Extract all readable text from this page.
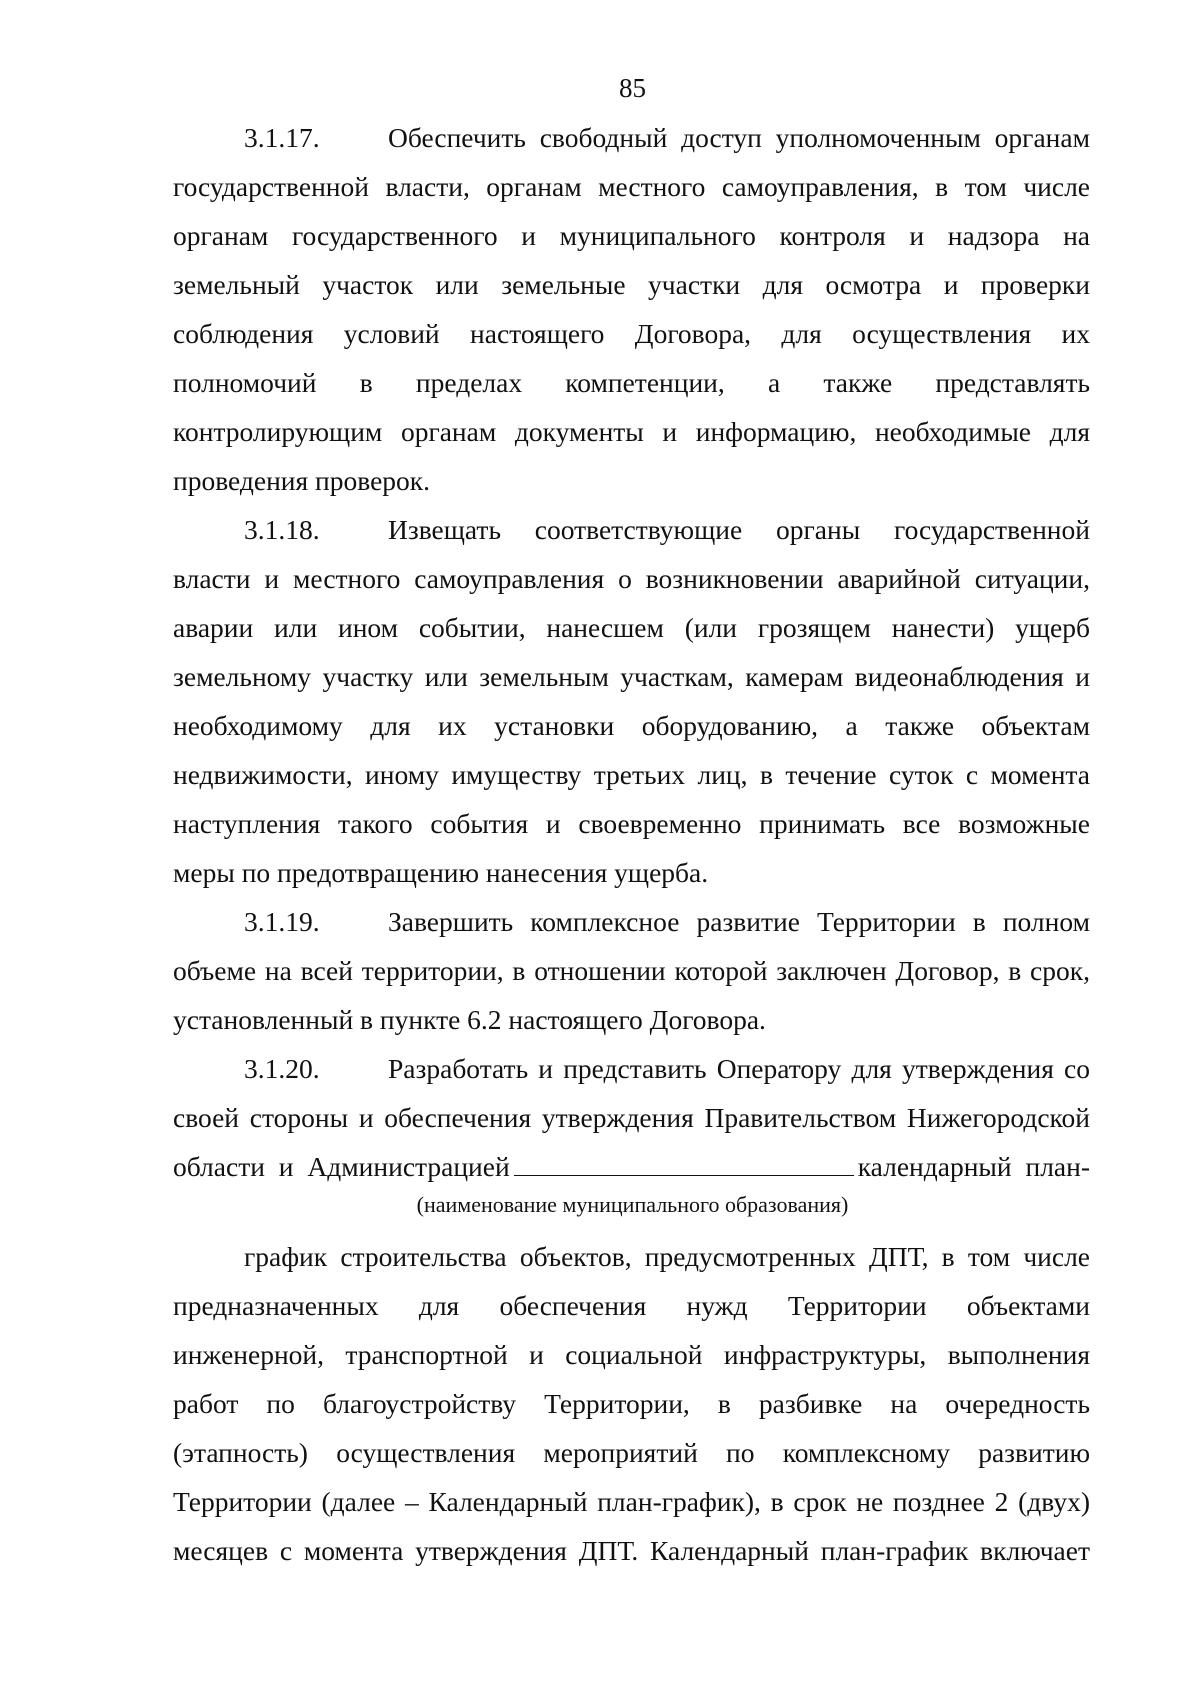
85
3.1.17. Обеспечить свободный доступ уполномоченным органам
государственной власти, органам местного самоуправления, в том числе
органам государственного и муниципального контроля и надзора на
земельный участок или земельные участки для осмотра и проверки
соблюдения условий настоящего Договора, для осуществления их
полномочий в пределах компетенции, а также представлять
контролирующим органам документы и информацию, необходимые для
проведения проверок.
3.1.18. Извещать соответствующие органы государственной
власти и местного самоуправления о возникновении аварийной ситуации,
аварии или ином событии, нанесшем (или грозящем нанести) ущерб
земельному участку или земельным участкам, камерам видеонаблюдения и
необходимому для их установки оборудованию, а также объектам
недвижимости, иному имуществу третьих лиц, в течение суток с момента
наступления такого события и своевременно принимать все возможные
меры по предотвращению нанесения ущерба.
3.1.19. Завершить комплексное развитие Территории в полном
объеме на всей территории, в отношении которой заключен Договор, в срок,
установленный в пункте 6.2 настоящего Договора.
3.1.20. Разработать и представить Оператору для утверждения со
своей стороны и обеспечения утверждения Правительством Нижегородской
области и Администрацией	календарный план-
(наименование муниципального образования)
график строительства объектов, предусмотренных ДПТ, в том числе
предназначенных для обеспечения нужд Территории объектами
инженерной, транспортной и социальной инфраструктуры, выполнения
работ по благоустройству Территории, в разбивке на очередность
(этапность) осуществления мероприятий по комплексному развитию
Территории (далее – Календарный план-график), в срок не позднее 2 (двух)
месяцев с момента утверждения ДПТ. Календарный план-график включает
